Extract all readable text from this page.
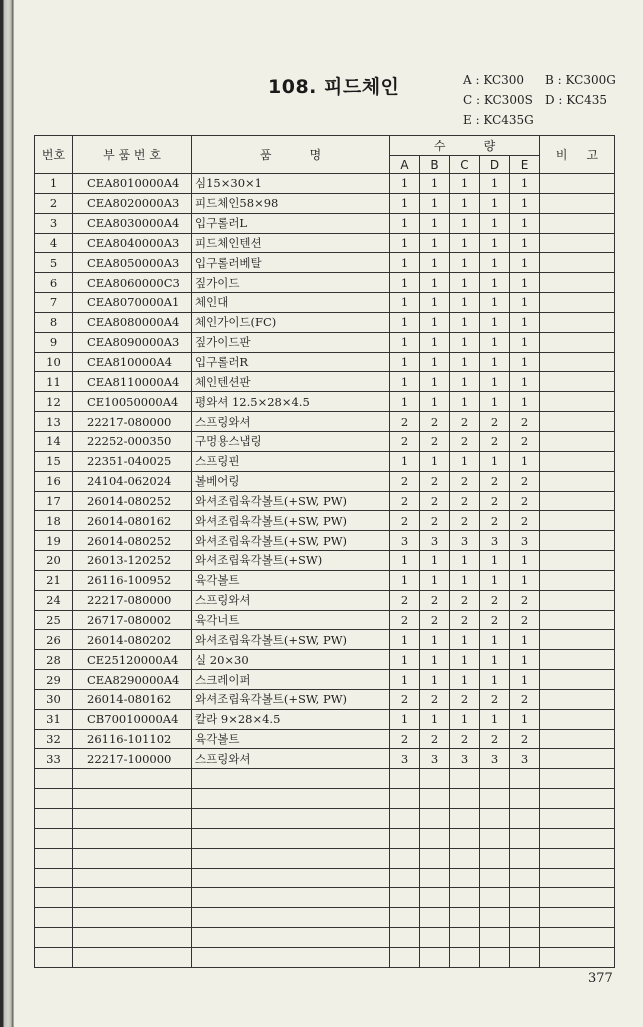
108. 피드체인	A : KC300 B : KC300G
C : KC300S D : KC435
E : KC435G
번호	부 품 번 호	품          명	수          량					비     고
			A	B	C	D	E	
1	CEA8010000A4	심15×30×1	1	1	1	1	1	
2	CEA8020000A3	피드체인58×98	1	1	1	1	1	
3	CEA8030000A4	입구롤러L	1	1	1	1	1	
4	CEA8040000A3	피드체인텐션	1	1	1	1	1	
5	CEA8050000A3	입구롤러베탈	1	1	1	1	1	
6	CEA8060000C3	짚가이드	1	1	1	1	1	
7	CEA8070000A1	체인대	1	1	1	1	1	
8	CEA8080000A4	체인가이드(FC)	1	1	1	1	1	
9	CEA8090000A3	짚가이드판	1	1	1	1	1	
10	CEA810000A4	입구롤러R	1	1	1	1	1	
11	CEA8110000A4	체인텐션판	1	1	1	1	1	
12	CE10050000A4	평와셔 12.5×28×4.5	1	1	1	1	1	
13	22217-080000	스프링와셔	2	2	2	2	2	
14	22252-000350	구멍용스냅링	2	2	2	2	2	
15	22351-040025	스프링핀	1	1	1	1	1	
16	24104-062024	볼베어링	2	2	2	2	2	
17	26014-080252	와셔조립육각볼트(+SW, PW)	2	2	2	2	2	
18	26014-080162	와셔조립육각볼트(+SW, PW)	2	2	2	2	2	
19	26014-080252	와셔조립육각볼트(+SW, PW)	3	3	3	3	3	
20	26013-120252	와셔조립육각볼트(+SW)	1	1	1	1	1	
21	26116-100952	육각볼트	1	1	1	1	1	
24	22217-080000	스프링와셔	2	2	2	2	2	
25	26717-080002	육각너트	2	2	2	2	2	
26	26014-080202	와셔조립육각볼트(+SW, PW)	1	1	1	1	1	
28	CE25120000A4	실 20×30	1	1	1	1	1	
29	CEA8290000A4	스크레이퍼	1	1	1	1	1	
30	26014-080162	와셔조립육각볼트(+SW, PW)	2	2	2	2	2	
31	CB70010000A4	칼라 9×28×4.5	1	1	1	1	1	
32	26116-101102	육각볼트	2	2	2	2	2	
33	22217-100000	스프링와셔	3	3	3	3	3	

377
